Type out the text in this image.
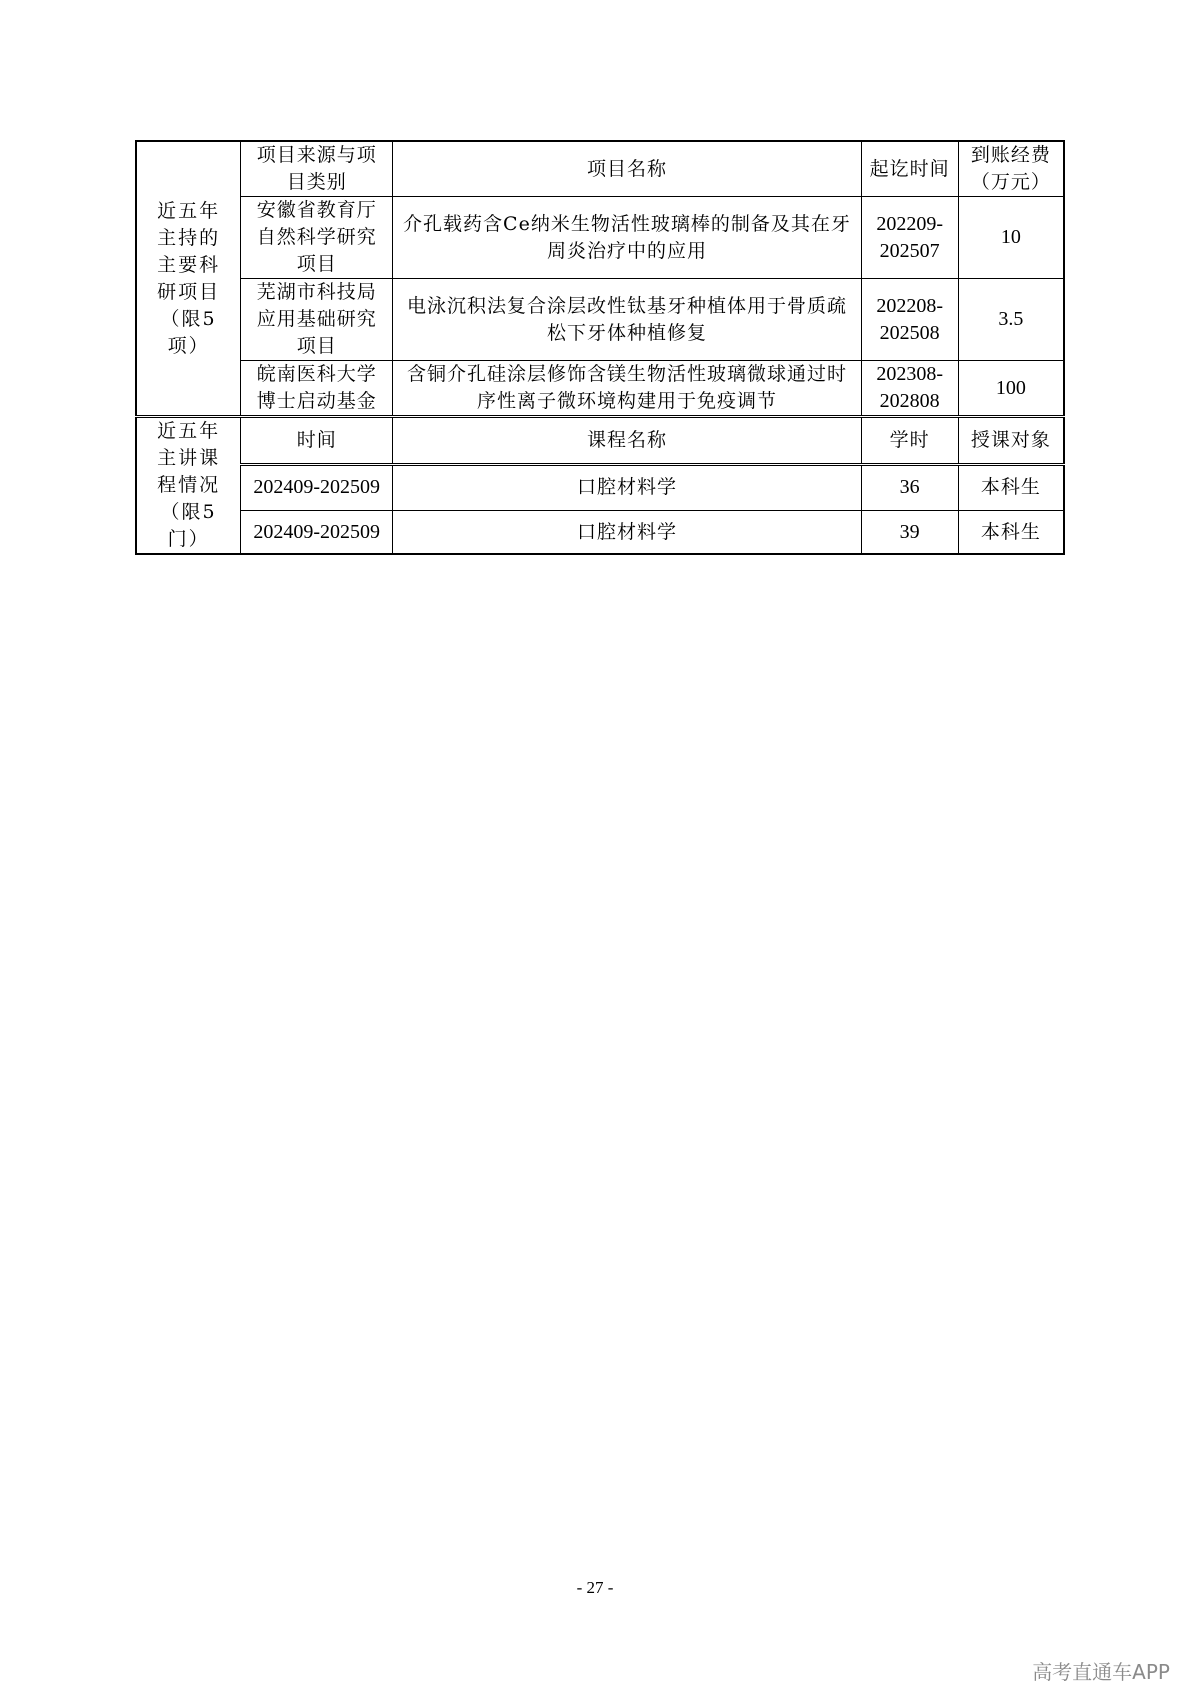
近五年主持的主要科研项目（限5项）	项目来源与项目类别	项目名称	起讫时间	到账经费（万元）
	安徽省教育厅自然科学研究项目	介孔载药含Ce纳米生物活性玻璃棒的制备及其在牙周炎治疗中的应用	202209-202507	10
	芜湖市科技局应用基础研究项目	电泳沉积法复合涂层改性钛基牙种植体用于骨质疏松下牙体种植修复	202208-202508	3.5
	皖南医科大学博士启动基金	含铜介孔硅涂层修饰含镁生物活性玻璃微球通过时序性离子微环境构建用于免疫调节	202308-202808	100
近五年主讲课程情况（限5门）	时间	课程名称	学时	授课对象
	202409-202509	口腔材料学	36	本科生
	202409-202509	口腔材料学	39	本科生
- 27 -
高考直通车APP
